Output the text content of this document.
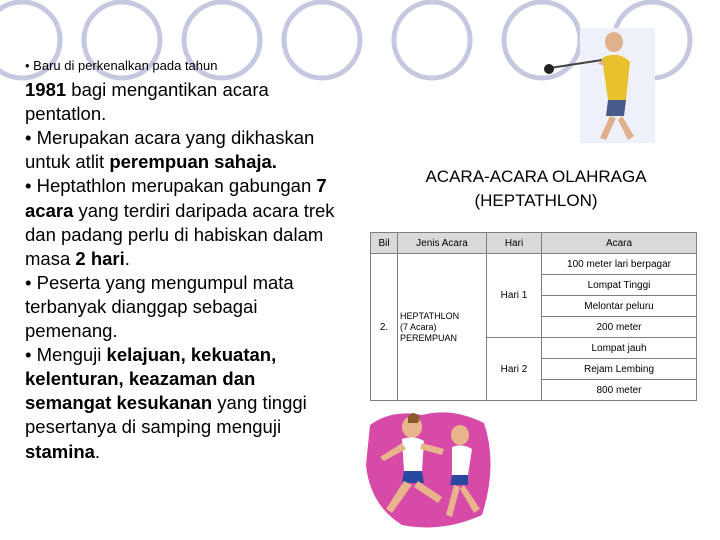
• Baru di perkenalkan pada tahun
1981 bagi mengantikan acara pentatlon.
• Merupakan acara yang dikhaskan untuk atlit perempuan sahaja.
• Heptathlon merupakan gabungan 7 acara yang terdiri daripada acara trek dan padang perlu di habiskan dalam masa 2 hari.
• Peserta yang mengumpul mata terbanyak dianggap sebagai pemenang.
• Menguji kelajuan, kekuatan, kelenturan, keazaman dan semangat kesukanan yang tinggi pesertanya di samping menguji stamina.
ACARA-ACARA OLAHRAGA
(HEPTATHLON)
Bil	Jenis Acara	Hari	Acara
2.	HEPTATHLON
(7 Acara)
PEREMPUAN	Hari 1	100 meter lari berpagar
			Lompat Tinggi
			Melontar peluru
			200 meter
		Hari 2	Lompat jauh
			Rejam Lembing
			800 meter
